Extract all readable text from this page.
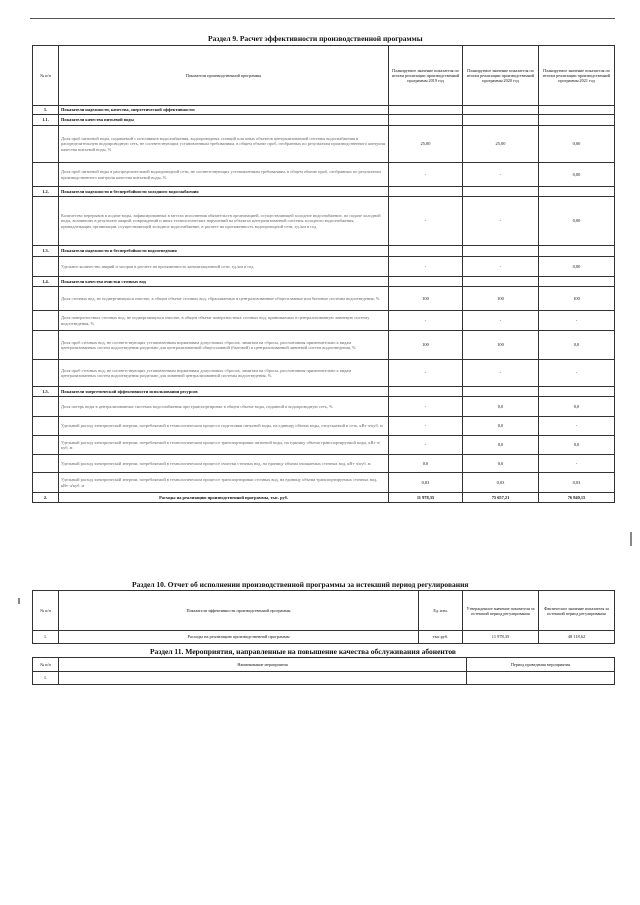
Раздел 9. Расчет эффективности производственной программы
№ п/п	Показатели производственной программы	Планируемое значение показателя по итогам реализации производственной программы 2019 год	Планируемое значение показателя по итогам реализации производственной программы 2020 год	Планируемое значение показателя по итогам реализации производственной программы 2021 год
1.	Показатели надежности, качества, энергетической эффективности:			
1.1.	Показатели качества питьевой воды			
	Доля проб питьевой воды, подаваемой с источников водоснабжения, водопроводных станций или иных объектов централизованной системы водоснабжения в распределительную водопроводную сеть, не соответствующих установленным требованиям, в общем объеме проб, отобранных по результатам производственного контроля качества питьевой воды, %	25,00	25,00	0,00
	Доля проб питьевой воды в распределительной водопроводной сети, не соответствующих установленным требованиям, в общем объеме проб, отобранных по результатам производственного контроля качества питьевой воды, %	-	-	0,00
1.2.	Показатели надежности и бесперебойности холодного водоснабжения			
	Количество перерывов в подаче воды, зафиксированных в местах исполнения обязательств организацией, осуществляющей холодное водоснабжение, по подаче холодной воды, возникших в результате аварий, повреждений и иных технологических нарушений на объектах централизованной системы холодного водоснабжения, принадлежащих организации, осуществляющей холодное водоснабжение, в расчете на протяженность водопроводной сети, ед./км в год	-	-	0,00
1.3.	Показатели надежности и бесперебойности водоотведения			
	Удельное количество аварий и засоров в расчете на протяженность канализационной сети, ед./км в год	-	-	0,00
1.4.	Показатели качества очистки сточных вод			
	Доля сточных вод, не подвергающихся очистке, в общем объеме сточных вод, сбрасываемых в централизованные общесплавные или бытовые системы водоотведения, %	100	100	100
	Доля поверхностных сточных вод, не подвергающихся очистке, в общем объеме поверхностных сточных вод, принимаемых в централизованную ливневую систему водоотведения, %	-	-	-
	Доля проб сточных вод, не соответствующих установленным нормативам допустимых сбросов, лимитам на сбросы, рассчитанная применительно к видам централизованных систем водоотведения раздельно для централизованной общесплавной (бытовой) и централизованной ливневой систем водоотведения, %	100	100	0,0
	Доля проб сточных вод, не соответствующих установленным нормативам допустимых сбросов, лимитам на сбросы, рассчитанная применительно к видам централизованных систем водоотведения раздельно для ливневой централизованной системы водоотведения, %	-	-	-
1.5.	Показатели энергетической эффективности использования ресурсов			
	Доля потерь воды в централизованных системах водоснабжения при транспортировке в общем объеме воды, поданной в водопроводную сеть, %	-	0,0	0,0
	Удельный расход электрической энергии, потребляемой в технологическом процессе подготовки питьевой воды, на единицу объема воды, отпускаемой в сеть, кВт·ч/куб. м	-	0,0	-
	Удельный расход электрической энергии, потребляемой в технологическом процессе транспортировки питьевой воды, на единицу объема транспортируемой воды, кВт·ч/куб. м	-	0,0	0,0
	Удельный расход электрической энергии, потребляемой в технологическом процессе очистки сточных вод, на единицу объема очищаемых сточных вод, кВт·ч/куб. м	0,0	0,0	-
	Удельный расход электрической энергии, потребляемой в технологическом процессе транспортировки сточных вод, на единицу объема транспортируемых сточных вод, кВт·ч/куб. м	0,03	0,03	0,03
2.	Расходы на реализацию производственной программы, тыс. руб.	11 978,35	75 657,21	76 840,15
Раздел 10. Отчет об исполнении производственной программы за истекший период регулирования
№ п/п	Показатели эффективности производственной программы	Ед. изм.	Утвержденное значение показателя за истекший период регулирования	Фактическое значение показателя за истекший период регулирования
1.	Расходы на реализацию производственной программы	тыс.руб.	11 978,35	48 118,62
Раздел 11. Мероприятия, направленные на повышение качества обслуживания абонентов
№ п/п	Наименование мероприятия	Период проведения мероприятия
1.		
